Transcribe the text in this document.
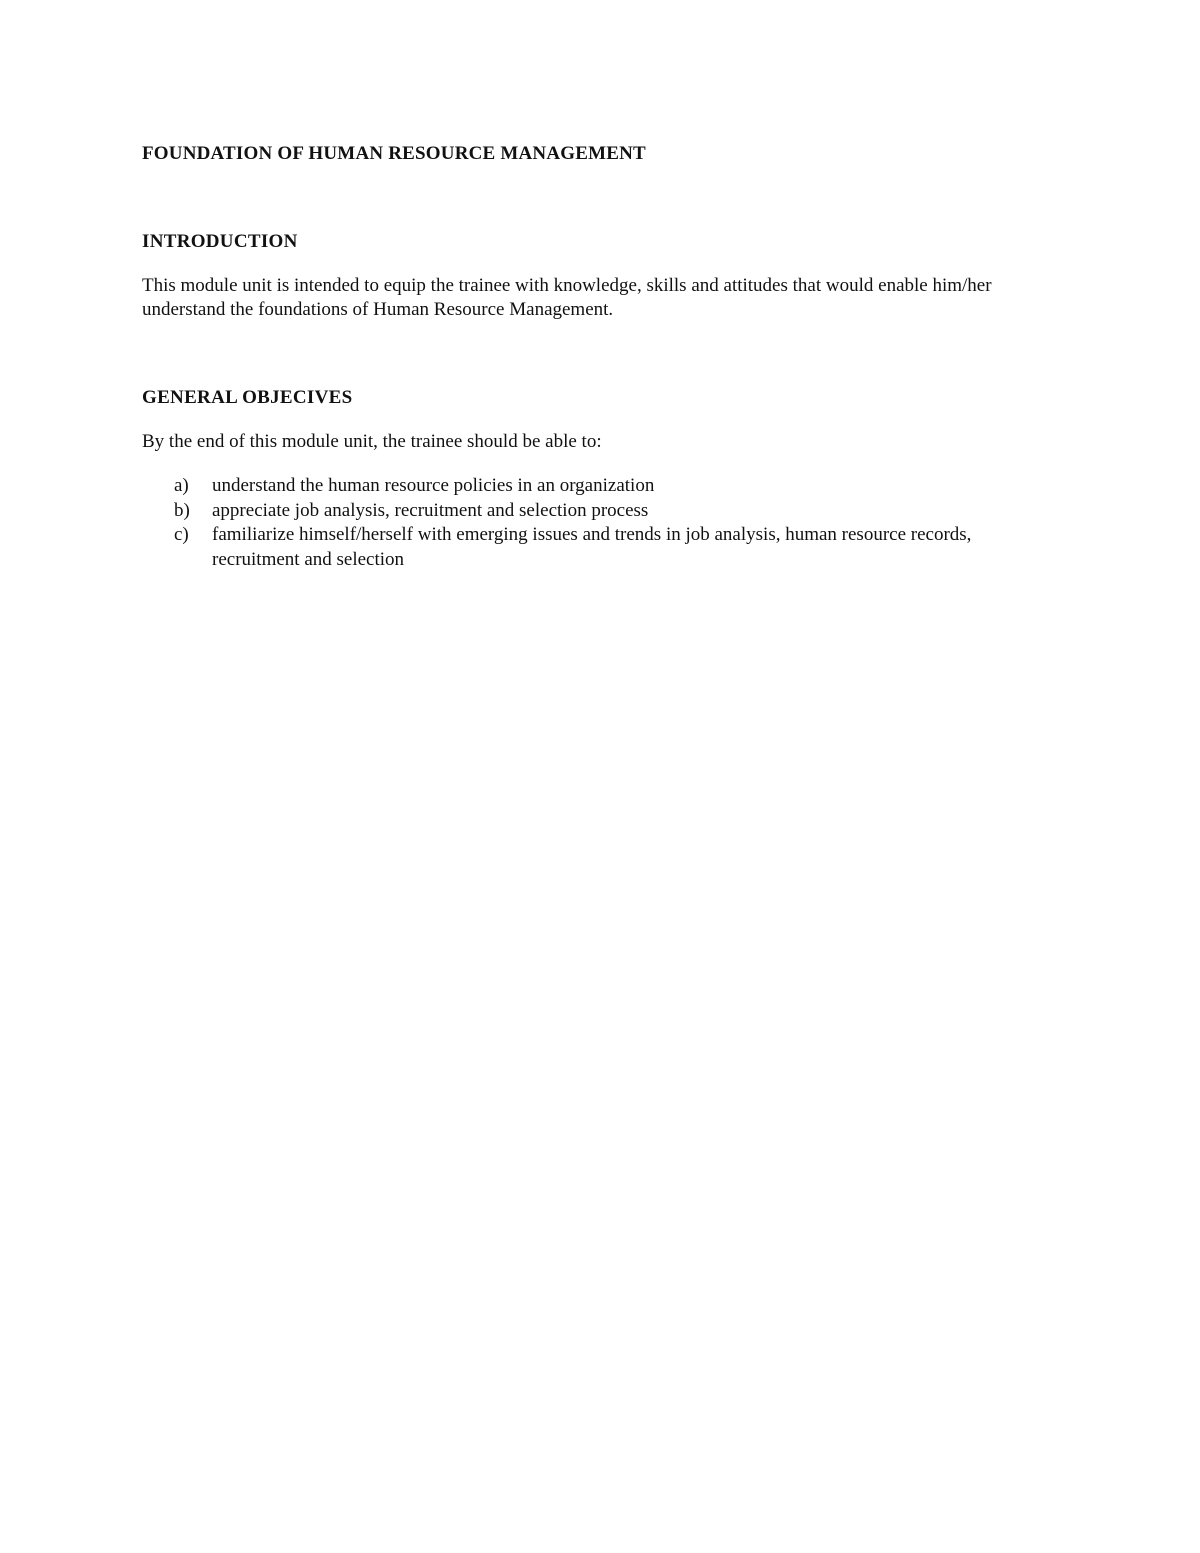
FOUNDATION OF HUMAN RESOURCE MANAGEMENT
INTRODUCTION

This module unit is intended to equip the trainee with knowledge, skills and attitudes that would enable him/her understand the foundations of Human Resource Management.

GENERAL OBJECIVES

By the end of this module unit, the trainee should be able to:

a)	understand the human resource policies in an organization
b)	appreciate job analysis, recruitment and selection process
c)	familiarize himself/herself with emerging issues and trends in job analysis, human resource records, recruitment and selection
